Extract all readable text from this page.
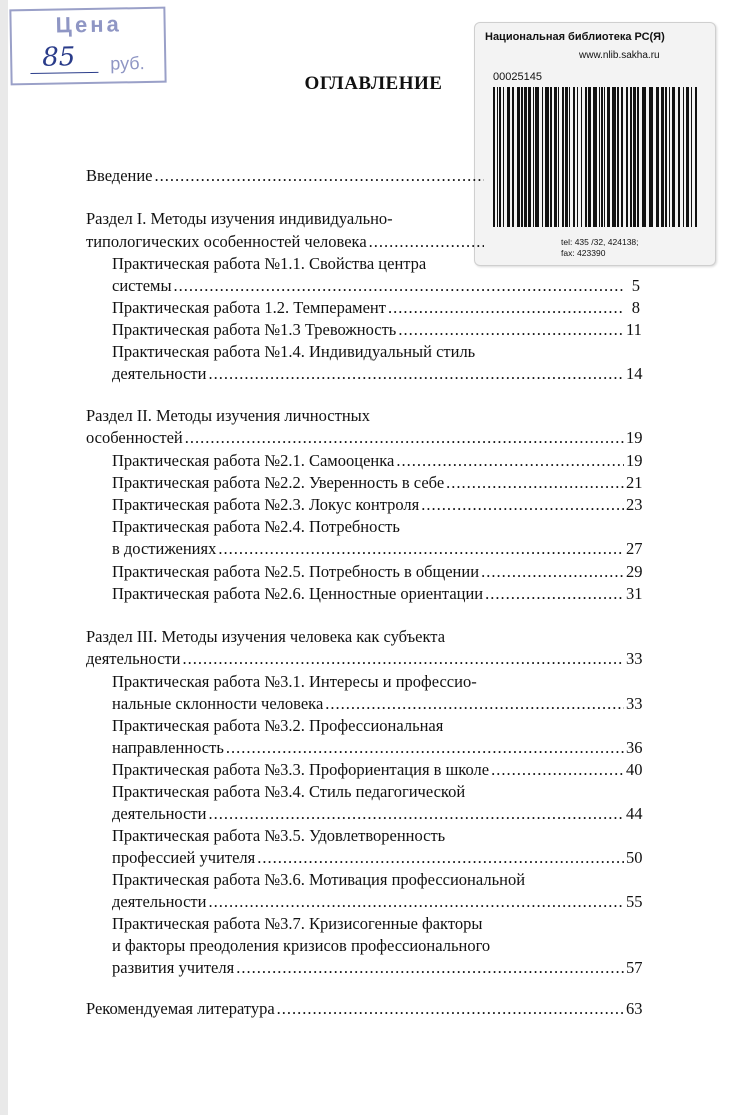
Цена
85 руб.
Национальная библиотека РС(Я)
www.nlib.sakha.ru
00025145
tel: 435 /32, 424138;
fax: 423390
ОГЛАВЛЕНИЕ
Введение
.....
Раздел I. Методы изучения индивидуально-
типологических особенностей человека
.....
Практическая работа №1.1. Свойства центра
системы .....	5
Практическая работа 1.2. Темперамент .....	8
Практическая работа №1.3 Тревожность .....	11
Практическая работа №1.4. Индивидуальный стиль
деятельности .....	14
Раздел II. Методы изучения личностных
особенностей .....	19
Практическая работа №2.1. Самооценка .....	19
Практическая работа №2.2. Уверенность в себе .....	21
Практическая работа №2.3. Локус контроля .....	23
Практическая работа №2.4. Потребность
в достижениях .....	27
Практическая работа №2.5. Потребность в общении .....	29
Практическая работа №2.6. Ценностные ориентации .....	31
Раздел III. Методы изучения человека как субъекта
деятельности .....	33
Практическая работа №3.1. Интересы и профессио-
нальные склонности человека .....	33
Практическая работа №3.2. Профессиональная
направленность .....	36
Практическая работа №3.3. Профориентация в школе .....	40
Практическая работа №3.4. Стиль педагогической
деятельности .....	44
Практическая работа №3.5. Удовлетворенность
профессией учителя .....	50
Практическая работа №3.6. Мотивация профессиональной
деятельности .....	55
Практическая работа №3.7. Кризисогенные факторы
и факторы преодоления кризисов профессионального
развития учителя .....	57
Рекомендуемая литература .....	63
